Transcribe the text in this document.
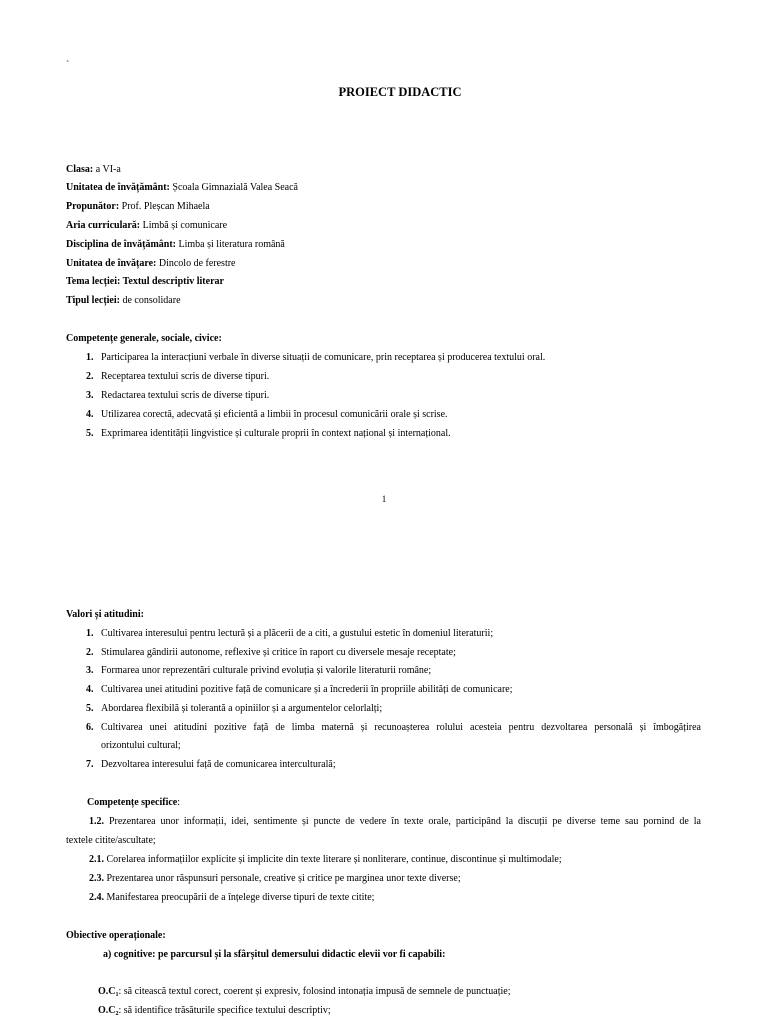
`
PROIECT DIDACTIC
Clasa: a VI-a
Unitatea de învățământ: Școala Gimnazială Valea Seacă
Propunător: Prof. Pleșcan Mihaela
Aria curriculară: Limbă și comunicare
Disciplina de învățământ: Limba și literatura română
Unitatea de învățare: Dincolo de ferestre
Tema lecției: Textul descriptiv literar
Tipul lecției: de consolidare
Competențe generale, sociale, civice:
1. Participarea la interacțiuni verbale în diverse situații de comunicare, prin receptarea și producerea textului oral.
2. Receptarea textului scris de diverse tipuri.
3. Redactarea textului scris de diverse tipuri.
4. Utilizarea corectă, adecvată și eficientă a limbii în procesul comunicării orale și scrise.
5. Exprimarea identității lingvistice și culturale proprii în context național și internațional.
1
Valori și atitudini:
1. Cultivarea interesului pentru lectură și a plăcerii de a citi, a gustului estetic în domeniul literaturii;
2. Stimularea gândirii autonome, reflexive și critice în raport cu diversele mesaje receptate;
3. Formarea unor reprezentări culturale privind evoluția și valorile literaturii române;
4. Cultivarea unei atitudini pozitive față de comunicare și a încrederii în propriile abilități de comunicare;
5. Abordarea flexibilă și tolerantă a opiniilor și a argumentelor celorlalți;
6. Cultivarea unei atitudini pozitive față de limba maternă și recunoașterea rolului acesteia pentru dezvoltarea personală și îmbogățirea
orizontului cultural;
7. Dezvoltarea interesului față de comunicarea interculturală;
Competențe specifice:
1.2. Prezentarea unor informații, idei, sentimente și puncte de vedere în texte orale, participând la discuții pe diverse teme sau pornind de la
textele citite/ascultate;
2.1. Corelarea informațiilor explicite și implicite din texte literare și nonliterare, continue, discontinue și multimodale;
2.3. Prezentarea unor răspunsuri personale, creative și critice pe marginea unor texte diverse;
2.4. Manifestarea preocupării de a înțelege diverse tipuri de texte citite;
Obiective operaționale:
a) cognitive: pe parcursul și la sfârșitul demersului didactic elevii vor fi capabili:
$O.C_1$: să citească textul corect, coerent și expresiv, folosind intonația impusă de semnele de punctuație;
$O.C_2$: să identifice trăsăturile specifice textului descriptiv;
